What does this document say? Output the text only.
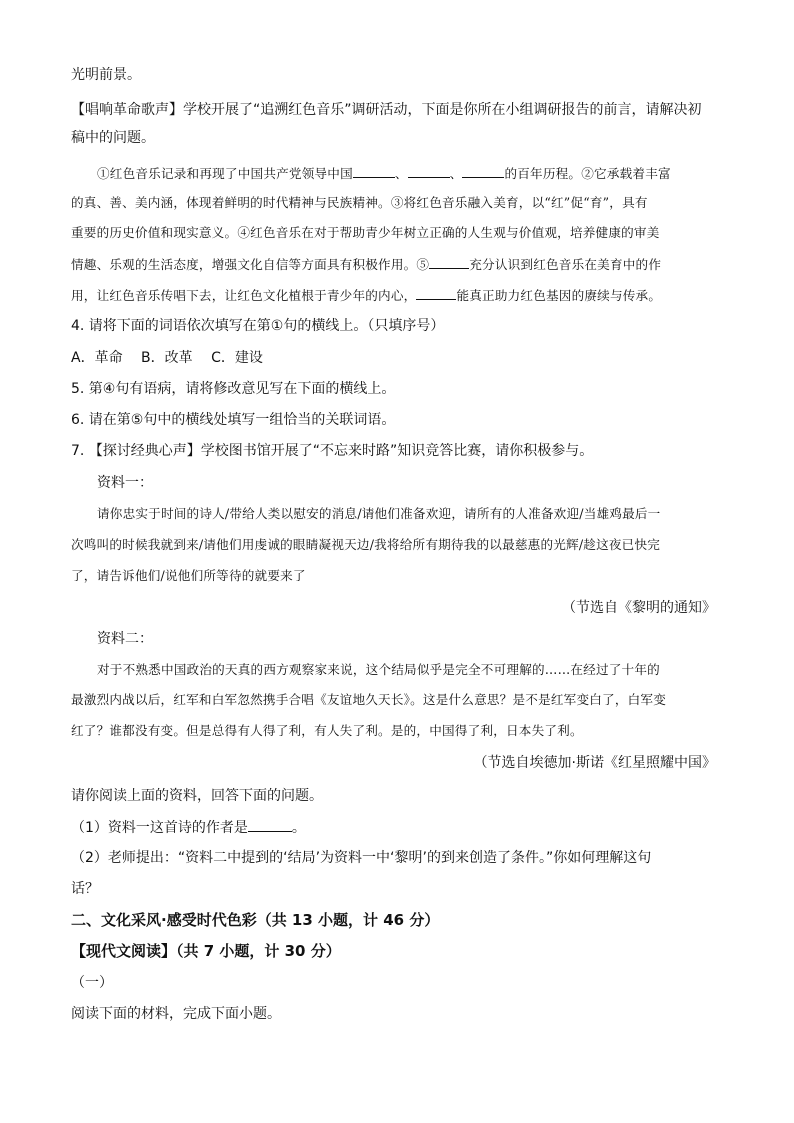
光明前景。
【唱响革命歌声】学校开展了“追溯红色音乐”调研活动，下面是你所在小组调研报告的前言，请解决初
稿中的问题。
①红色音乐记录和再现了中国共产党领导中国	、	、	的百年历程。②它承载着丰富
的真、善、美内涵，体现着鲜明的时代精神与民族精神。③将红色音乐融入美育，以“红”促“育”，具有
重要的历史价值和现实意义。④红色音乐在对于帮助青少年树立正确的人生观与价值观，培养健康的审美
情趣、乐观的生活态度，增强文化自信等方面具有积极作用。⑤	充分认识到红色音乐在美育中的作
用，让红色音乐传唱下去，让红色文化植根于青少年的内心，	能真正助力红色基因的赓续与传承。
4. 请将下面的词语依次填写在第①句的横线上。（只填序号）
A．革命　 B．改革　 C．建设
5. 第④句有语病，请将修改意见写在下面的横线上。
6. 请在第⑤句中的横线处填写一组恰当的关联词语。
7. 【探讨经典心声】学校图书馆开展了“不忘来时路”知识竞答比赛，请你积极参与。
资料一：
请你忠实于时间的诗人/带给人类以慰安的消息/请他们准备欢迎，请所有的人准备欢迎/当雄鸡最后一
次鸣叫的时候我就到来/请他们用虔诚的眼睛凝视天边/我将给所有期待我的以最慈惠的光辉/趁这夜已快完
了，请告诉他们/说他们所等待的就要来了
（节选自《黎明的通知》
资料二：
对于不熟悉中国政治的天真的西方观察家来说，这个结局似乎是完全不可理解的……在经过了十年的
最激烈内战以后，红军和白军忽然携手合唱《友谊地久天长》。这是什么意思？是不是红军变白了，白军变
红了？谁都没有变。但是总得有人得了利，有人失了利。是的，中国得了利，日本失了利。
（节选自埃德加·斯诺《红星照耀中国》
请你阅读上面的资料，回答下面的问题。
（1）资料一这首诗的作者是	。
（2）老师提出：“资料二中提到的‘结局’为资料一中‘黎明’的到来创造了条件。”你如何理解这句
话？
二、文化采风·感受时代色彩（共 13 小题，计 46 分）
【现代文阅读】（共 7 小题，计 30 分）
（一）
阅读下面的材料，完成下面小题。
